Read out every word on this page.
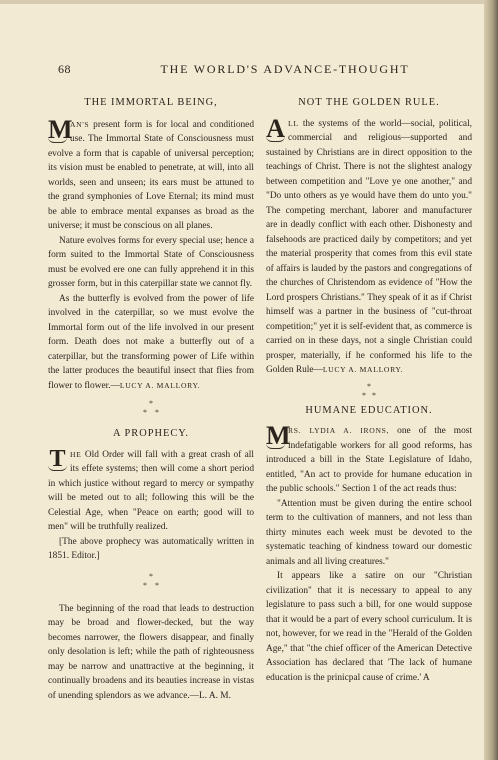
68	THE WORLD'S ADVANCE-THOUGHT
THE IMMORTAL BEING,

M
AN'S present form is for local and conditioned use. The Immortal State of Consciousness must evolve a form that is capable of universal perception; its vision must be enabled to penetrate, at will, into all worlds, seen and unseen; its ears must be attuned to the grand symphonies of Love Eternal; its mind must be able to embrace mental expanses as broad as the universe; it must be conscious on all planes.

Nature evolves forms for every special use; hence a form suited to the Immortal State of Consciousness must be evolved ere one can fully apprehend it in this grosser form, but in this caterpillar state we cannot fly.

As the butterfly is evolved from the power of life involved in the caterpillar, so we must evolve the Immortal form out of the life involved in our present form. Death does not make a butterfly out of a caterpillar, but the transforming power of Life within the latter produces the beautiful insect that flies from flower to flower.—LUCY A. MALLORY.

*
*    *
A PROPHECY.

T HE Old Order will fall with a great crash of all its effete systems; then will come a short period in which justice without regard to mercy or sympathy will be meted out to all; following this will be the Celestial Age, when "Peace on earth; good will to men" will be truthfully realized.

[The above prophecy was automatically written in 1851. Editor.]

*
*    *

The beginning of the road that leads to destruction may be broad and flower-decked, but the way becomes narrower, the flowers disappear, and finally only desolation is left; while the path of righteousness may be narrow and unattractive at the beginning, it continually broadens and its beauties increase in vistas of unending splendors as we advance.—L. A. M.

NOT THE GOLDEN RULE.

A LL the systems of the world—social, political, commercial and religious—supported and sustained by Christians are in direct opposition to the teachings of Christ. There is not the slightest analogy between competition and "Love ye one another," and "Do unto others as ye would have them do unto you." The competing merchant, laborer and manufacturer are in deadly conflict with each other. Dishonesty and falsehoods are practiced daily by competitors; and yet the material prosperity that comes from this evil state of affairs is lauded by the pastors and congregations of the churches of Christendom as evidence of "How the Lord prospers Christians." They speak of it as if Christ himself was a partner in the business of "cut-throat competition;" yet it is self-evident that, as commerce is carried on in these days, not a single Christian could prosper, materially, if he conformed his life to the Golden Rule—LUCY A. MALLORY.

*
*   *
HUMANE EDUCATION.

M
RS. LYDIA A. IRONS, one of the most indefatigable workers for all good reforms, has introduced a bill in the State Legislature of Idaho, entitled, "An act to provide for humane education in the public schools." Section 1 of the act reads thus:

"Attention must be given during the entire school term to the cultivation of manners, and not less than thirty minutes each week must be devoted to the systematic teaching of kindness toward our domestic animals and all living creatures."

It appears like a satire on our "Christian civilization" that it is necessary to appeal to any legislature to pass such a bill, for one would suppose that it would be a part of every school curriculum. It is not, however, for we read in the "Herald of the Golden Age," that "the chief officer of the American Detective Association has declared that 'The lack of humane education is the prinicpal cause of crime.' A
